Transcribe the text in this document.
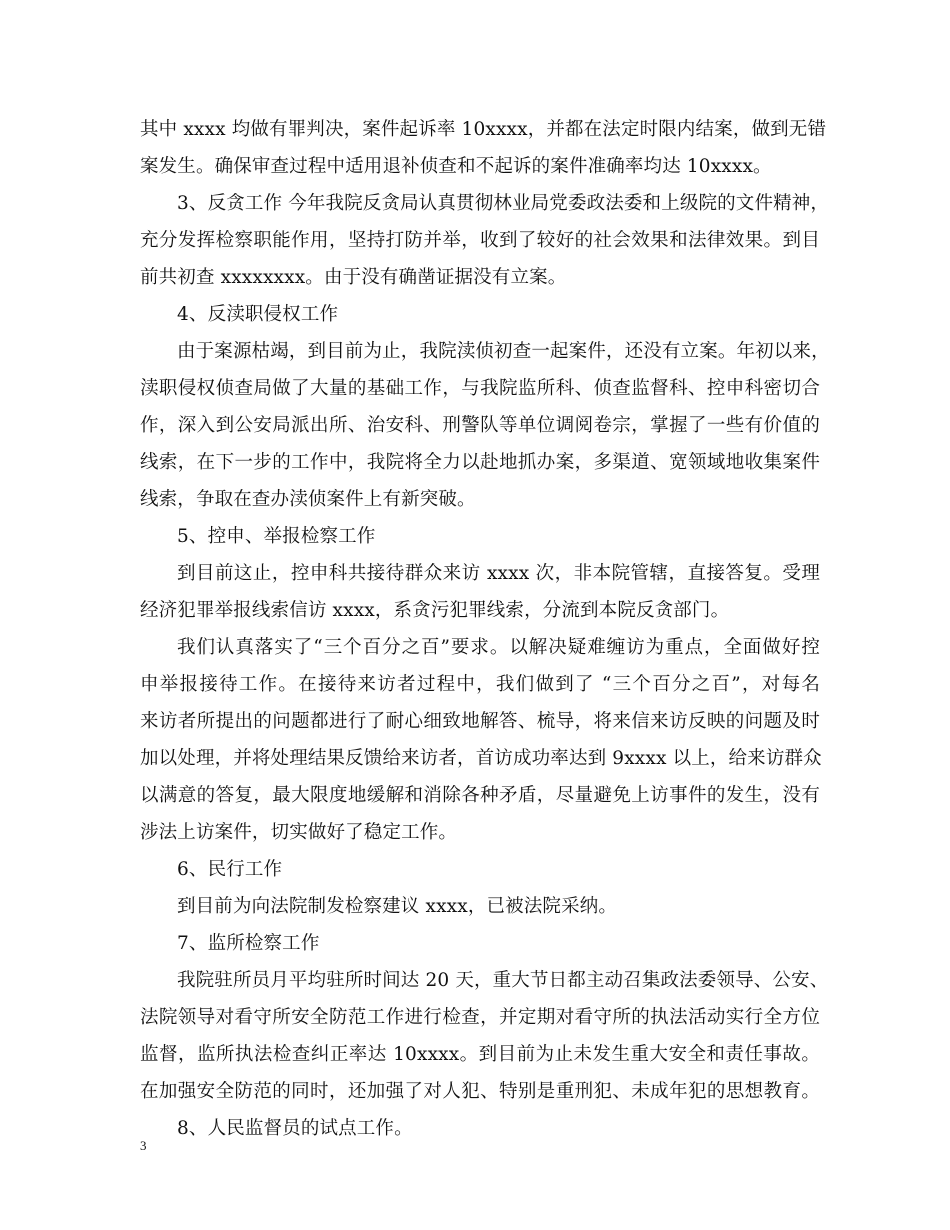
其中 xxxx 均做有罪判决，案件起诉率 10xxxx，并都在法定时限内结案，做到无错
案发生。确保审查过程中适用退补侦查和不起诉的案件准确率均达 10xxxx。
3、反贪工作 今年我院反贪局认真贯彻林业局党委政法委和上级院的文件精神，
充分发挥检察职能作用，坚持打防并举，收到了较好的社会效果和法律效果。到目
前共初查 xxxxxxxx。由于没有确凿证据没有立案。
4、反渎职侵权工作
由于案源枯竭，到目前为止，我院渎侦初查一起案件，还没有立案。年初以来，
渎职侵权侦查局做了大量的基础工作，与我院监所科、侦查监督科、控申科密切合
作，深入到公安局派出所、治安科、刑警队等单位调阅卷宗，掌握了一些有价值的
线索，在下一步的工作中，我院将全力以赴地抓办案，多渠道、宽领域地收集案件
线索，争取在查办渎侦案件上有新突破。
5、控申、举报检察工作
到目前这止，控申科共接待群众来访 xxxx 次，非本院管辖，直接答复。受理
经济犯罪举报线索信访 xxxx，系贪污犯罪线索，分流到本院反贪部门。
我们认真落实了“三个百分之百”要求。以解决疑难缠访为重点，全面做好控
申举报接待工作。在接待来访者过程中，我们做到了 “三个百分之百”，对每名
来访者所提出的问题都进行了耐心细致地解答、梳导，将来信来访反映的问题及时
加以处理，并将处理结果反馈给来访者，首访成功率达到 9xxxx 以上，给来访群众
以满意的答复，最大限度地缓解和消除各种矛盾，尽量避免上访事件的发生，没有
涉法上访案件，切实做好了稳定工作。
6、民行工作
到目前为向法院制发检察建议 xxxx，已被法院采纳。
7、监所检察工作
我院驻所员月平均驻所时间达 20 天，重大节日都主动召集政法委领导、公安、
法院领导对看守所安全防范工作进行检查，并定期对看守所的执法活动实行全方位
监督，监所执法检查纠正率达 10xxxx。到目前为止未发生重大安全和责任事故。
在加强安全防范的同时，还加强了对人犯、特别是重刑犯、未成年犯的思想教育。
8、人民监督员的试点工作。
3
